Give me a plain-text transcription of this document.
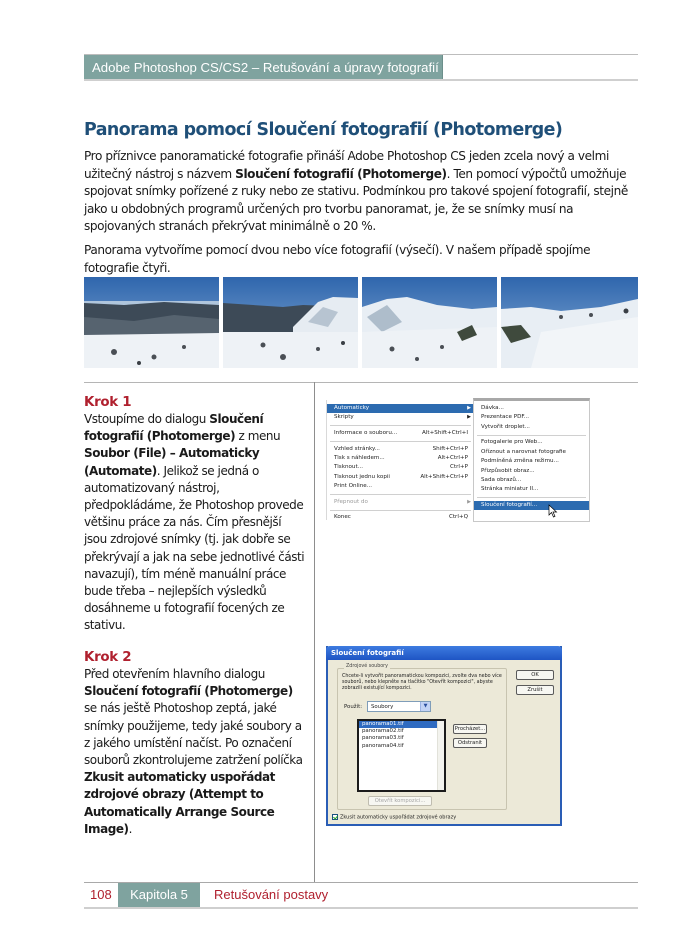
Adobe Photoshop CS/CS2 – Retušování a úpravy fotografií
Panorama pomocí Sloučení fotografií (Photomerge)

Pro příznivce panoramatické fotografie přináší Adobe Photoshop CS jeden zcela nový a velmi užitečný nástroj s názvem Sloučení fotografií (Photomerge). Ten pomocí výpočtů umožňuje spojovat snímky pořízené z ruky nebo ze stativu. Podmínkou pro takové spojení fotografií, stejně jako u obdobných programů určených pro tvorbu panoramat, je, že se snímky musí na spojovaných stranách překrývat minimálně o 20 %.

Panorama vytvoříme pomocí dvou nebo více fotografií (výsečí). V našem případě spojíme fotografie čtyři.

Krok 1
Vstoupíme do dialogu Sloučení fotografií (Photomerge) z menu Soubor (File) – Automaticky (Automate). Jelikož se jedná o automatizovaný nástroj, předpokládáme, že Photoshop provede většinu práce za nás. Čím přesnější jsou zdrojové snímky (tj. jak dobře se překrývají a jak na sebe jednotlivé části navazují), tím méně manuální práce bude třeba – nejlepších výsledků dosáhneme u fotografií focených ze stativu.
Krok 2
Před otevřením hlavního dialogu Sloučení fotografií (Photomerge) se nás ještě Photoshop zeptá, jaké snímky použijeme, tedy jaké soubory a z jakého umístění načíst. Po označení souborů zkontrolujeme zatržení políčka Zkusit automaticky uspořádat zdrojové obrazy (Attempt to Automatically Arrange Source Image).
Automaticky	▶
Skripty	▶
Informace o souboru...	Alt+Shift+Ctrl+I
Vzhled stránky...	Shift+Ctrl+P
Tisk s náhledem...	Alt+Ctrl+P
Tisknout...	Ctrl+P
Tisknout jednu kopii	Alt+Shift+Ctrl+P
Print Online...
Přepnout do	▶
Konec	Ctrl+Q
Dávka...
Prezentace PDF...
Vytvořit droplet...
Fotogalerie pro Web...
Oříznout a narovnat fotografie
Podmíněná změna režimu...
Přizpůsobit obraz...
Sada obrazů...
Stránka miniatur II...
Sloučení fotografií...
Sloučení fotografií
Zdrojové soubory
Chcete-li vytvořit panoramatickou kompozici, zvolte dva nebo více souborů, nebo klepněte na tlačítko "Otevřít kompozici", abyste zobrazili existující kompozici.
Použít:	Soubory	▼
panorama01.tif
panorama02.tif
panorama03.tif
panorama04.tif
Procházet...
Odstranit
Otevřít kompozici...
OK
Zrušit
Zkusit automaticky uspořádat zdrojové obrazy
108	Kapitola 5	Retušování postavy
